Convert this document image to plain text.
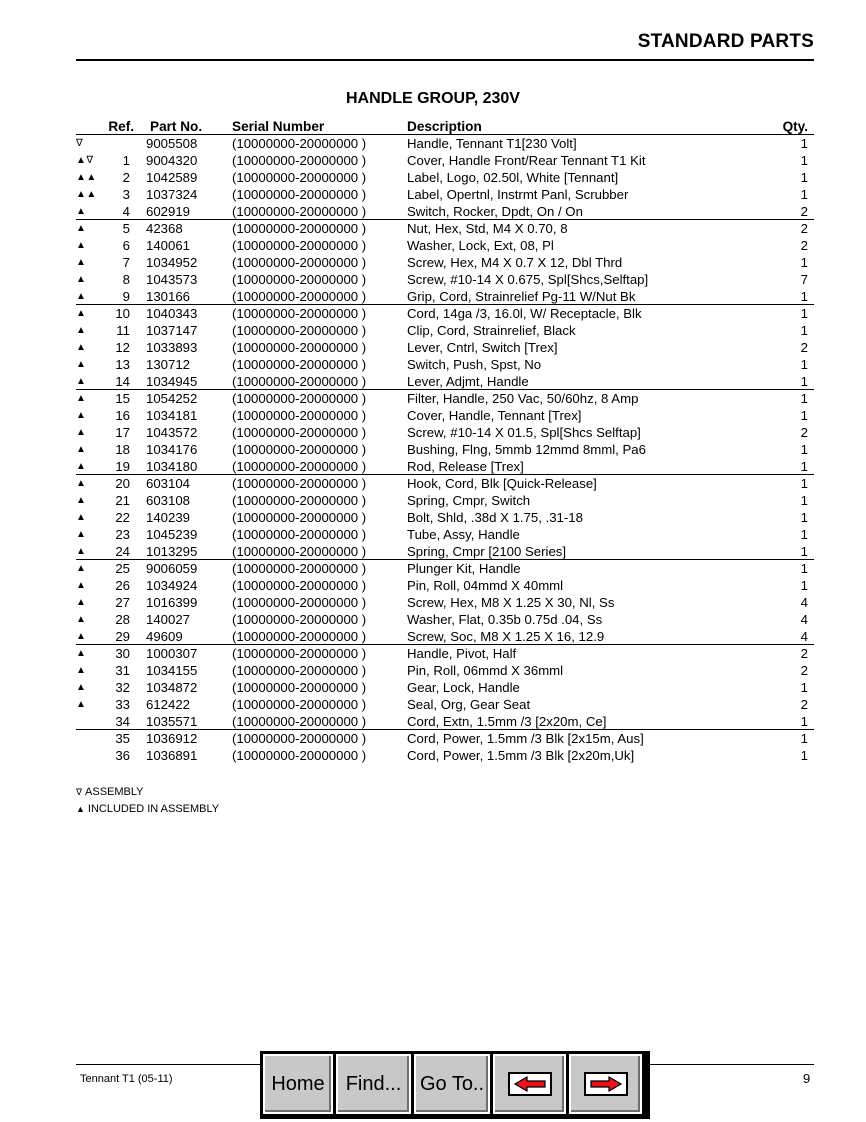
STANDARD PARTS
HANDLE GROUP, 230V
Ref. Part No. Serial Number	Description	Qty.
∇	9005508	(10000000-20000000 )	Handle, Tennant T1[230 Volt]	1
▲∇	1 9004320	(10000000-20000000 )	Cover, Handle Front/Rear Tennant T1 Kit	1
▲▲	2 1042589	(10000000-20000000 )	Label, Logo, 02.50l, White [Tennant]	1
▲▲	3 1037324	(10000000-20000000 )	Label, Opertnl, Instrmt Panl, Scrubber	1
▲	4 602919	(10000000-20000000 )	Switch, Rocker, Dpdt, On / On	2
▲	5 42368	(10000000-20000000 )	Nut, Hex, Std, M4 X 0.70, 8	2
▲	6 140061	(10000000-20000000 )	Washer, Lock, Ext, 08, Pl	2
▲	7 1034952	(10000000-20000000 )	Screw, Hex, M4 X 0.7 X 12, Dbl Thrd	1
▲	8 1043573	(10000000-20000000 )	Screw, #10-14 X 0.675, Spl[Shcs,Selftap]	7
▲	9 130166	(10000000-20000000 )	Grip, Cord, Strainrelief Pg-11 W/Nut Bk	1
▲	10 1040343	(10000000-20000000 )	Cord, 14ga /3, 16.0l, W/ Receptacle, Blk	1
▲	11 1037147	(10000000-20000000 )	Clip, Cord, Strainrelief, Black	1
▲	12 1033893	(10000000-20000000 )	Lever, Cntrl, Switch [Trex]	2
▲	13 130712	(10000000-20000000 )	Switch, Push, Spst, No	1
▲	14 1034945	(10000000-20000000 )	Lever, Adjmt, Handle	1
▲	15 1054252	(10000000-20000000 )	Filter, Handle, 250 Vac, 50/60hz, 8 Amp	1
▲	16 1034181	(10000000-20000000 )	Cover, Handle, Tennant [Trex]	1
▲	17 1043572	(10000000-20000000 )	Screw, #10-14 X 01.5, Spl[Shcs Selftap]	2
▲	18 1034176	(10000000-20000000 )	Bushing, Flng, 5mmb 12mmd 8mml, Pa6	1
▲	19 1034180	(10000000-20000000 )	Rod, Release [Trex]	1
▲	20 603104	(10000000-20000000 )	Hook, Cord, Blk [Quick-Release]	1
▲	21 603108	(10000000-20000000 )	Spring, Cmpr, Switch	1
▲	22 140239	(10000000-20000000 )	Bolt, Shld, .38d X 1.75, .31-18	1
▲	23 1045239	(10000000-20000000 )	Tube, Assy, Handle	1
▲	24 1013295	(10000000-20000000 )	Spring, Cmpr [2100 Series]	1
▲	25 9006059	(10000000-20000000 )	Plunger Kit, Handle	1
▲	26 1034924	(10000000-20000000 )	Pin, Roll, 04mmd X 40mml	1
▲	27 1016399	(10000000-20000000 )	Screw, Hex, M8 X 1.25 X 30, Nl, Ss	4
▲	28 140027	(10000000-20000000 )	Washer, Flat, 0.35b 0.75d .04, Ss	4
▲	29 49609	(10000000-20000000 )	Screw, Soc, M8 X 1.25 X 16, 12.9	4
▲	30 1000307	(10000000-20000000 )	Handle, Pivot, Half	2
▲	31 1034155	(10000000-20000000 )	Pin, Roll, 06mmd X 36mml	2
▲	32 1034872	(10000000-20000000 )	Gear, Lock, Handle	1
▲	33 612422	(10000000-20000000 )	Seal, Org, Gear Seat	2
34 1035571	(10000000-20000000 )	Cord, Extn, 1.5mm /3 [2x20m, Ce]	1
35 1036912	(10000000-20000000 )	Cord, Power, 1.5mm /3 Blk [2x15m, Aus]	1
36 1036891	(10000000-20000000 )	Cord, Power, 1.5mm /3 Blk [2x20m,Uk]	1
∇ ASSEMBLY
▲ INCLUDED IN ASSEMBLY
Tennant T1 (05-11)	9
Home	Find... Go To..
